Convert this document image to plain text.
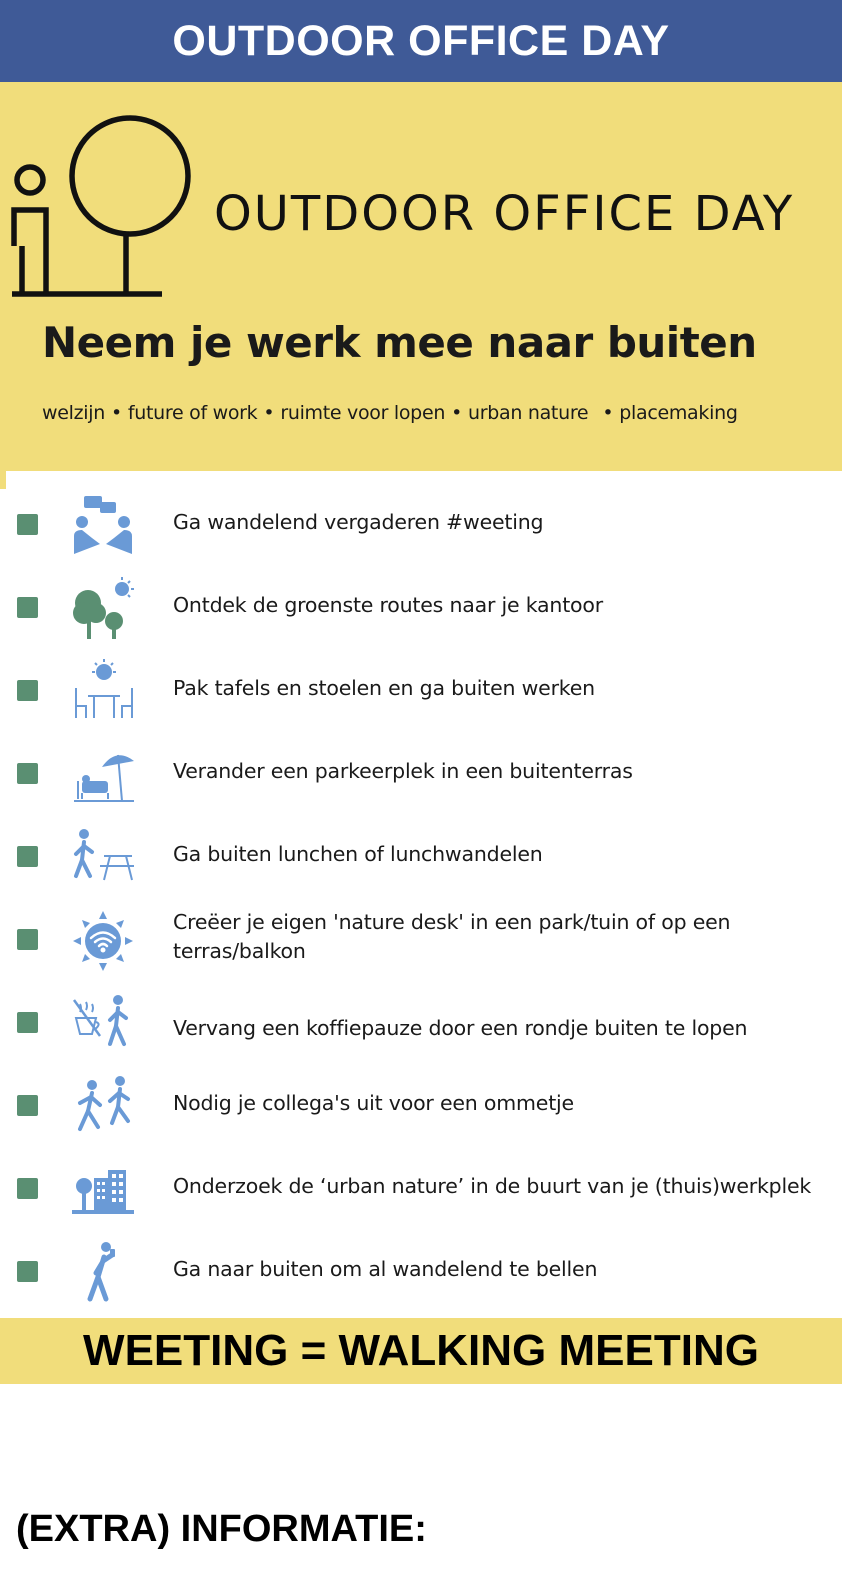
OUTDOOR OFFICE DAY
OUTDOOR OFFICE DAY
Neem je werk mee naar buiten
welzijn • future of work • ruimte voor lopen • urban nature • placemaking
Ga wandelend vergaderen #weeting
Ontdek de groenste routes naar je kantoor
Pak tafels en stoelen en ga buiten werken
Verander een parkeerplek in een buitenterras
Ga buiten lunchen of lunchwandelen
Creëer je eigen 'nature desk' in een park/tuin of op een terras/balkon
Vervang een koffiepauze door een rondje buiten te lopen
Nodig je collega's uit voor een ommetje
Onderzoek de ‘urban nature’ in de buurt van je (thuis)werkplek
Ga naar buiten om al wandelend te bellen
WEETING = WALKING MEETING
(EXTRA) INFORMATIE:
